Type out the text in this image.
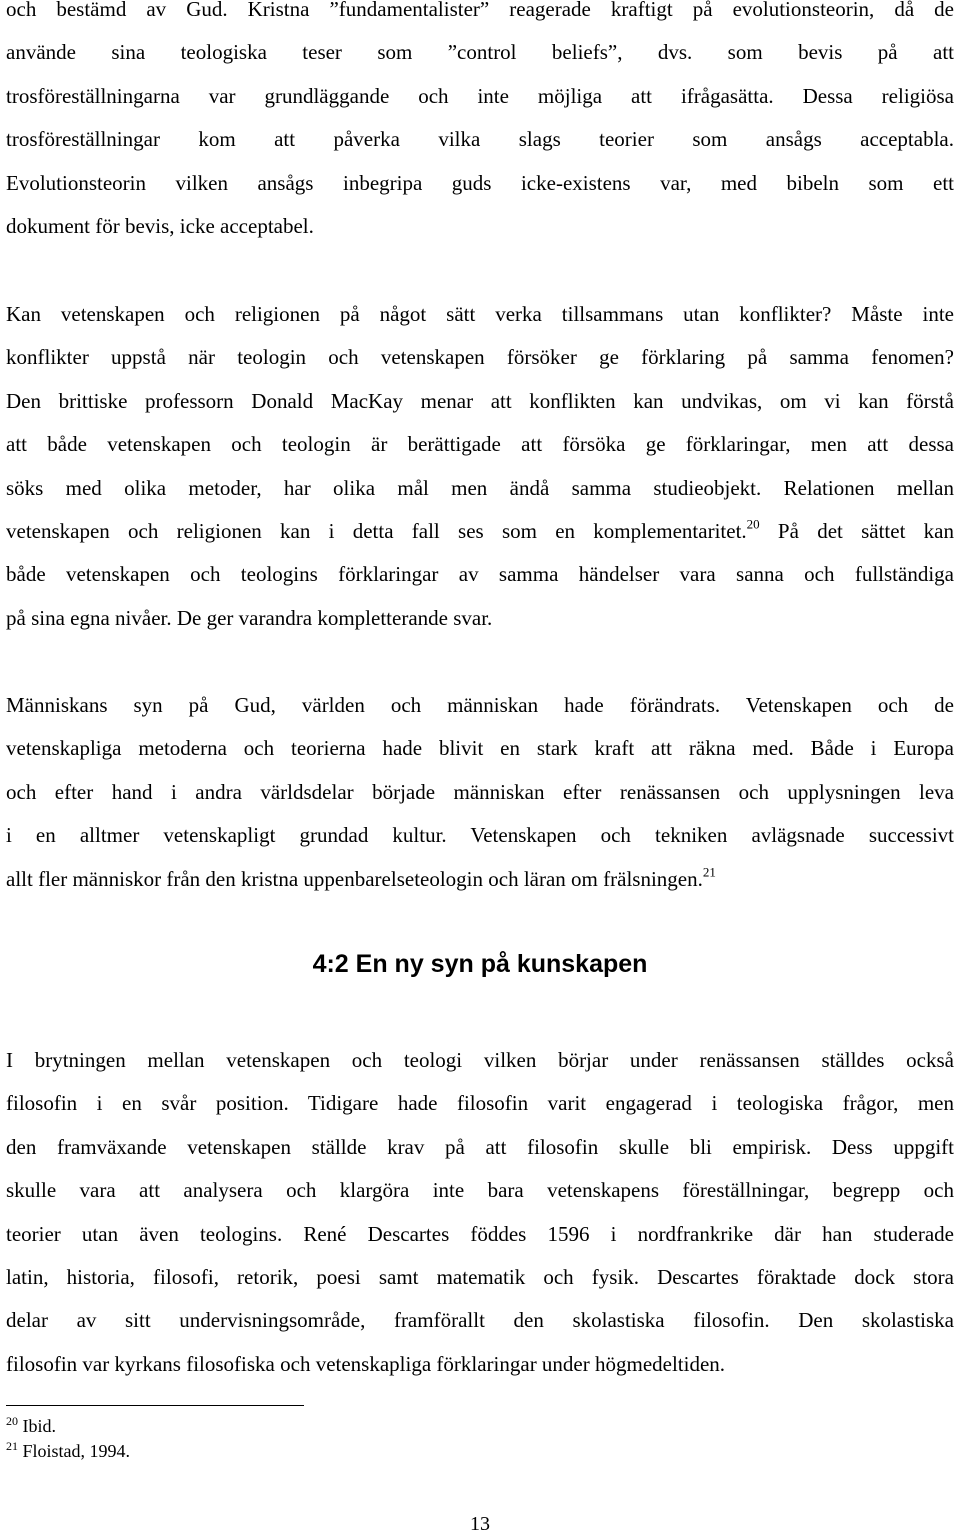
och bestämd av Gud. Kristna ”fundamentalister” reagerade kraftigt på evolutionsteorin, då de
använde sina teologiska teser som ”control beliefs”, dvs. som bevis på att
trosföreställningarna var grundläggande och inte möjliga att ifrågasätta. Dessa religiösa
trosföreställningar kom att påverka vilka slags teorier som ansågs acceptabla.
Evolutionsteorin vilken ansågs inbegripa guds icke-existens var, med bibeln som ett
dokument för bevis, icke acceptabel.
Kan vetenskapen och religionen på något sätt verka tillsammans utan konflikter? Måste inte
konflikter uppstå när teologin och vetenskapen försöker ge förklaring på samma fenomen?
Den brittiske professorn Donald MacKay menar att konflikten kan undvikas, om vi kan förstå
att både vetenskapen och teologin är berättigade att försöka ge förklaringar, men att dessa
söks med olika metoder, har olika mål men ändå samma studieobjekt. Relationen mellan
vetenskapen och religionen kan i detta fall ses som en komplementaritet.$^{20}$ På det sättet kan
både vetenskapen och teologins förklaringar av samma händelser vara sanna och fullständiga
på sina egna nivåer. De ger varandra kompletterande svar.
Människans syn på Gud, världen och människan hade förändrats. Vetenskapen och de
vetenskapliga metoderna och teorierna hade blivit en stark kraft att räkna med. Både i Europa
och efter hand i andra världsdelar började människan efter renässansen och upplysningen leva
i en alltmer vetenskapligt grundad kultur. Vetenskapen och tekniken avlägsnade successivt
allt fler människor från den kristna uppenbarelseteologin och läran om frälsningen.$^{21}$
4:2 En ny syn på kunskapen
I brytningen mellan vetenskapen och teologi vilken börjar under renässansen ställdes också
filosofin i en svår position. Tidigare hade filosofin varit engagerad i teologiska frågor, men
den framväxande vetenskapen ställde krav på att filosofin skulle bli empirisk. Dess uppgift
skulle vara att analysera och klargöra inte bara vetenskapens föreställningar, begrepp och
teorier utan även teologins. René Descartes föddes 1596 i nordfrankrike där han studerade
latin, historia, filosofi, retorik, poesi samt matematik och fysik. Descartes föraktade dock stora
delar av sitt undervisningsområde, framförallt den skolastiska filosofin. Den skolastiska
filosofin var kyrkans filosofiska och vetenskapliga förklaringar under högmedeltiden.

$^{20}$ Ibid.

$^{21}$ Floistad, 1994.

13
